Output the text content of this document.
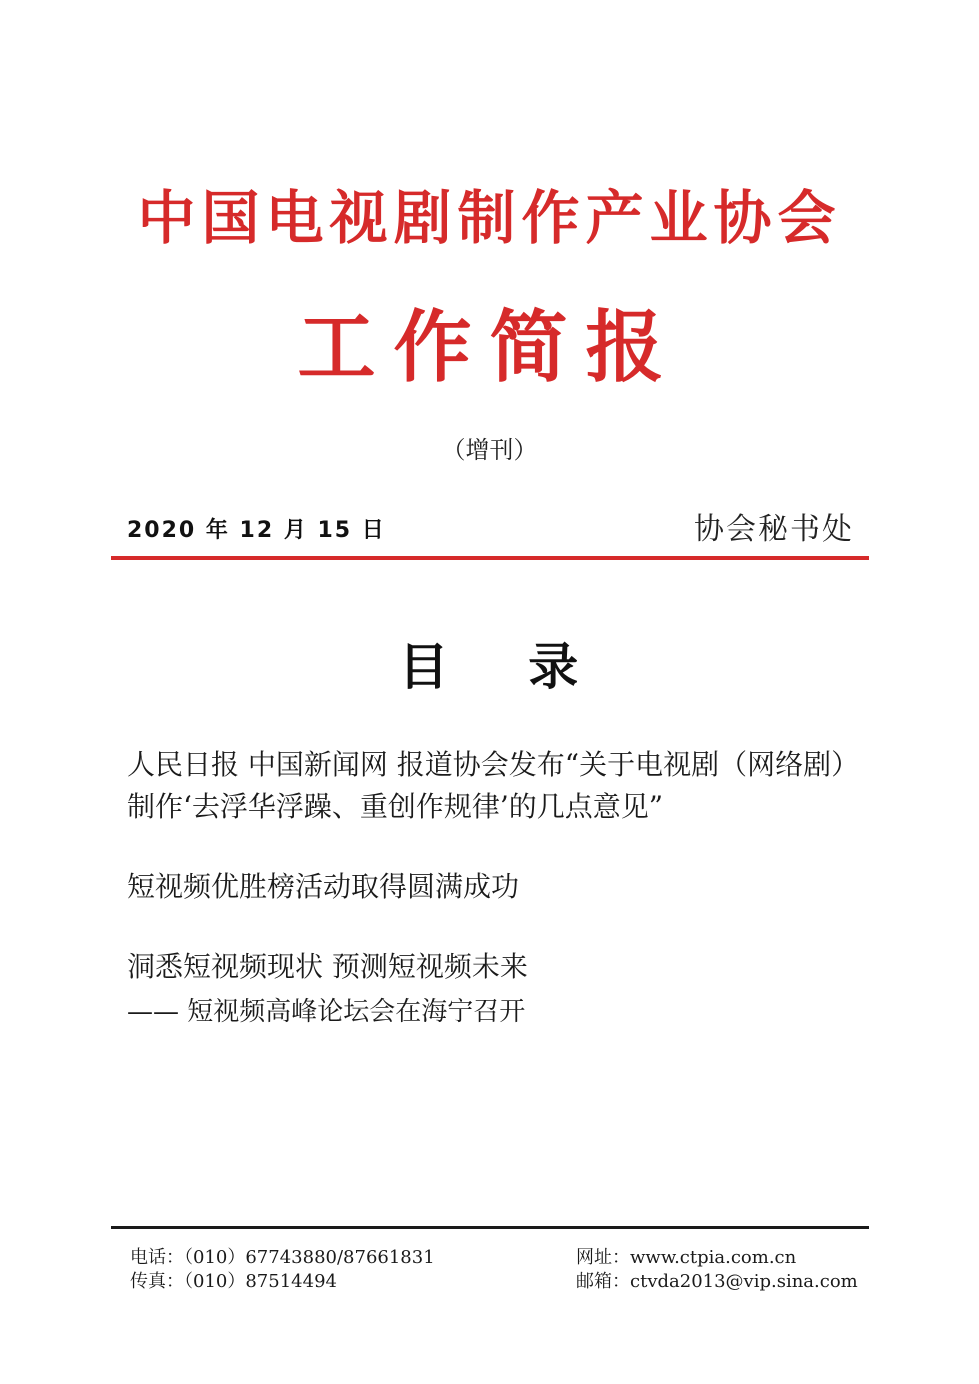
中国电视剧制作产业协会
工作简报
（增刊）
2020 年 12 月 15 日	协会秘书处
目    录
人民日报 中国新闻网 报道协会发布“关于电视剧（网络剧）
制作‘去浮华浮躁、重创作规律’的几点意见”
短视频优胜榜活动取得圆满成功
洞悉短视频现状 预测短视频未来
—— 短视频高峰论坛会在海宁召开
电话：（010）67743880/87661831
传真：（010）87514494
网址：www.ctpia.com.cn
邮箱：ctvda2013@vip.sina.com
